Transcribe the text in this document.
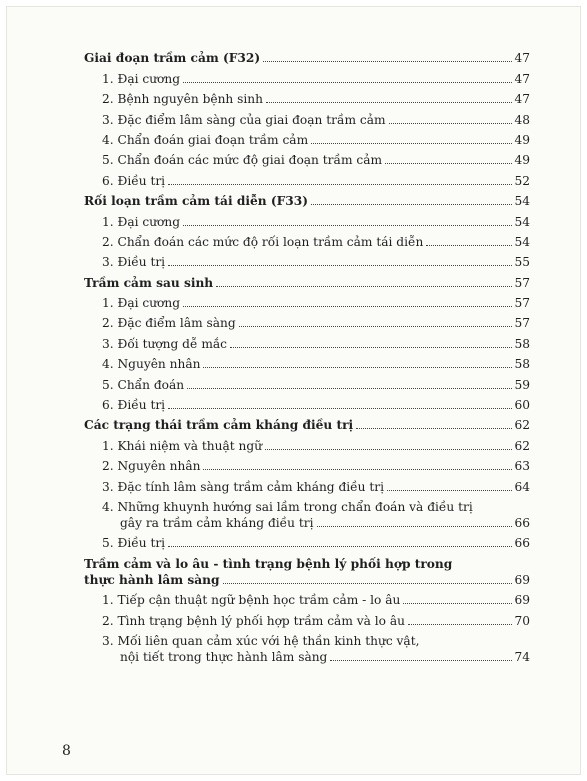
Giai đoạn trầm cảm (F32)	47
1. Đại cương	47
2. Bệnh nguyên bệnh sinh	47
3. Đặc điểm lâm sàng của giai đoạn trầm cảm	48
4. Chẩn đoán giai đoạn trầm cảm	49
5. Chẩn đoán các mức độ giai đoạn trầm cảm	49
6. Điều trị	52
Rối loạn trầm cảm tái diễn (F33)	54
1. Đại cương	54
2. Chẩn đoán các mức độ rối loạn trầm cảm tái diễn	54
3. Điều trị	55
Trầm cảm sau sinh	57
1. Đại cương	57
2. Đặc điểm lâm sàng	57
3. Đối tượng dễ mắc	58
4. Nguyên nhân	58
5. Chẩn đoán	59
6. Điều trị	60
Các trạng thái trầm cảm kháng điều trị	62
1. Khái niệm và thuật ngữ	62
2. Nguyên nhân	63
3. Đặc tính lâm sàng trầm cảm kháng điều trị	64
4. Những khuynh hướng sai lầm trong chẩn đoán và điều trị
gây ra trầm cảm kháng điều trị	66
5. Điều trị	66
Trầm cảm và lo âu - tình trạng bệnh lý phối hợp trong
thực hành lâm sàng	69
1. Tiếp cận thuật ngữ bệnh học trầm cảm - lo âu	69
2. Tình trạng bệnh lý phối hợp trầm cảm và lo âu	70
3. Mối liên quan cảm xúc với hệ thần kinh thực vật,
nội tiết trong thực hành lâm sàng	74
8
